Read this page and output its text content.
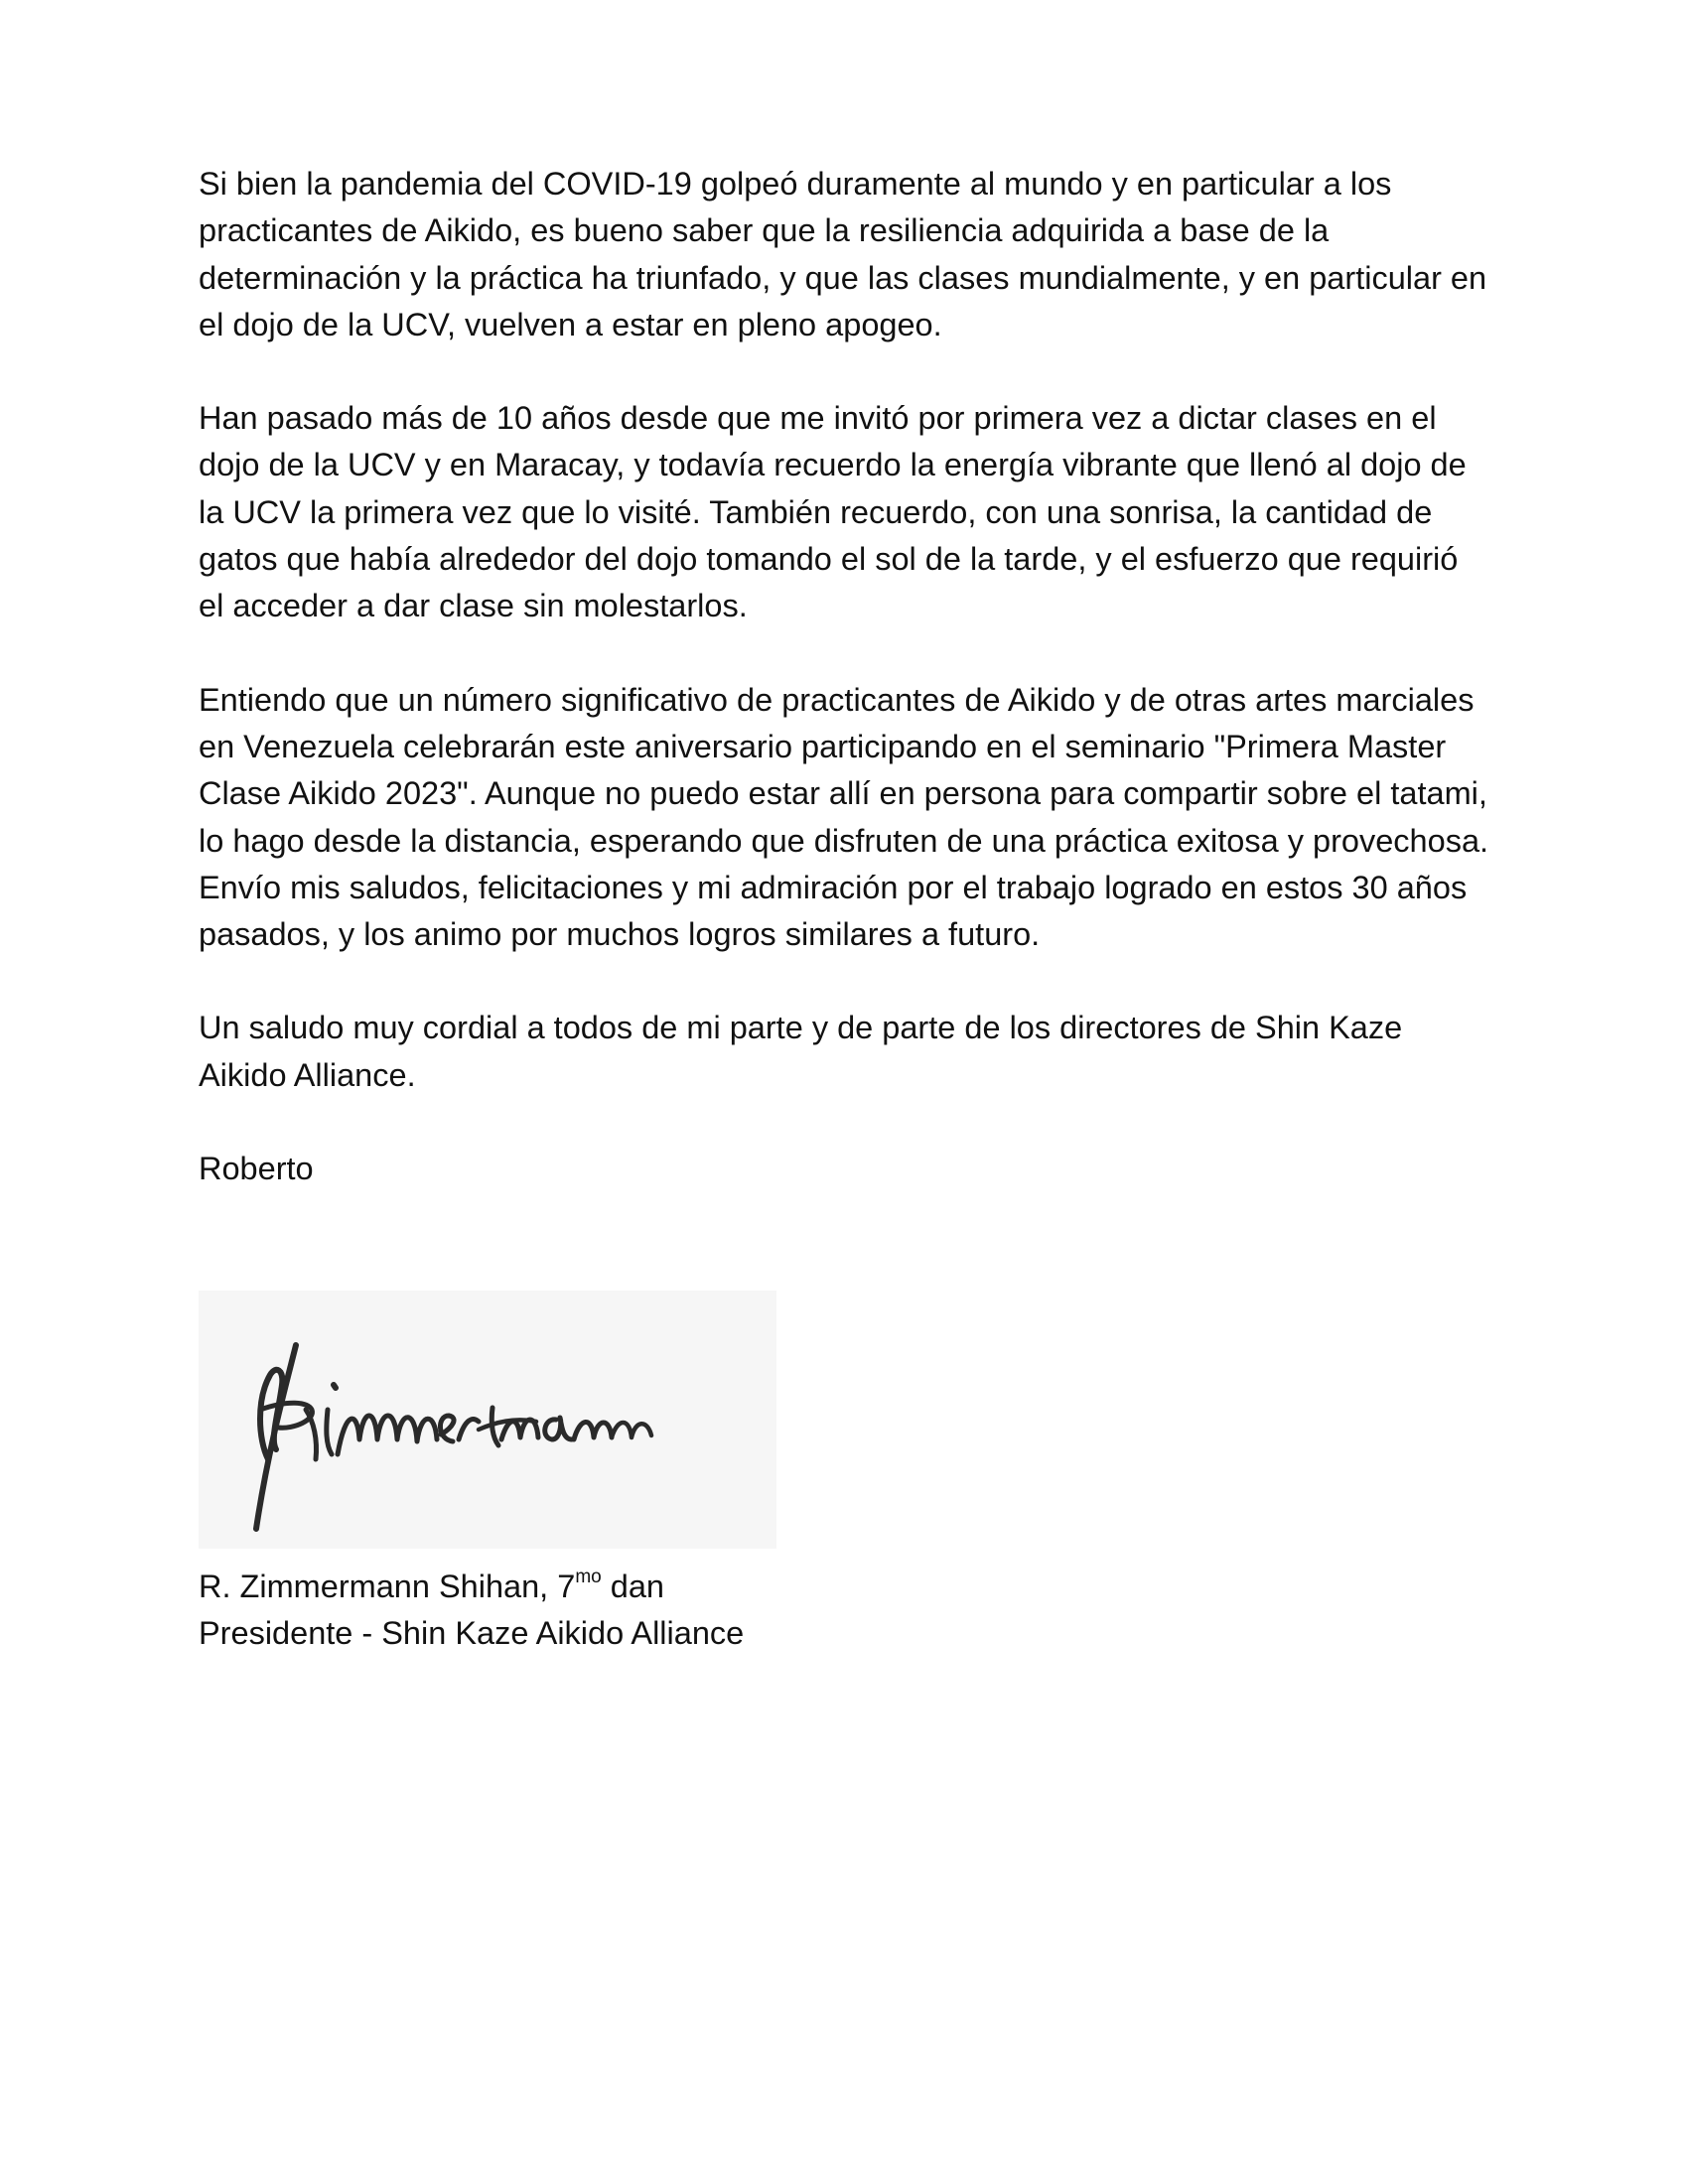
Si bien la pandemia del COVID-19 golpeó duramente al mundo y en particular a los practicantes de Aikido, es bueno saber que la resiliencia adquirida a base de la determinación y la práctica ha triunfado, y que las clases mundialmente, y en particular en el dojo de la UCV, vuelven a estar en pleno apogeo.

Han pasado más de 10 años desde que me invitó por primera vez a dictar clases en el dojo de la UCV y en Maracay, y todavía recuerdo la energía vibrante que llenó al dojo de la UCV la primera vez que lo visité. También recuerdo, con una sonrisa, la cantidad de gatos que había alrededor del dojo tomando el sol de la tarde, y el esfuerzo que requirió el acceder a dar clase sin molestarlos.

Entiendo que un número significativo de practicantes de Aikido y de otras artes marciales en Venezuela celebrarán este aniversario participando en el seminario "Primera Master Clase Aikido 2023". Aunque no puedo estar allí en persona para compartir sobre el tatami, lo hago desde la distancia, esperando que disfruten de una práctica exitosa y provechosa. Envío mis saludos, felicitaciones y mi admiración por el trabajo logrado en estos 30 años pasados, y los animo por muchos logros similares a futuro.

Un saludo muy cordial a todos de mi parte y de parte de los directores de Shin Kaze Aikido Alliance.

Roberto

R. Zimmermann Shihan, $7^{mo}$ dan
Presidente - Shin Kaze Aikido Alliance
